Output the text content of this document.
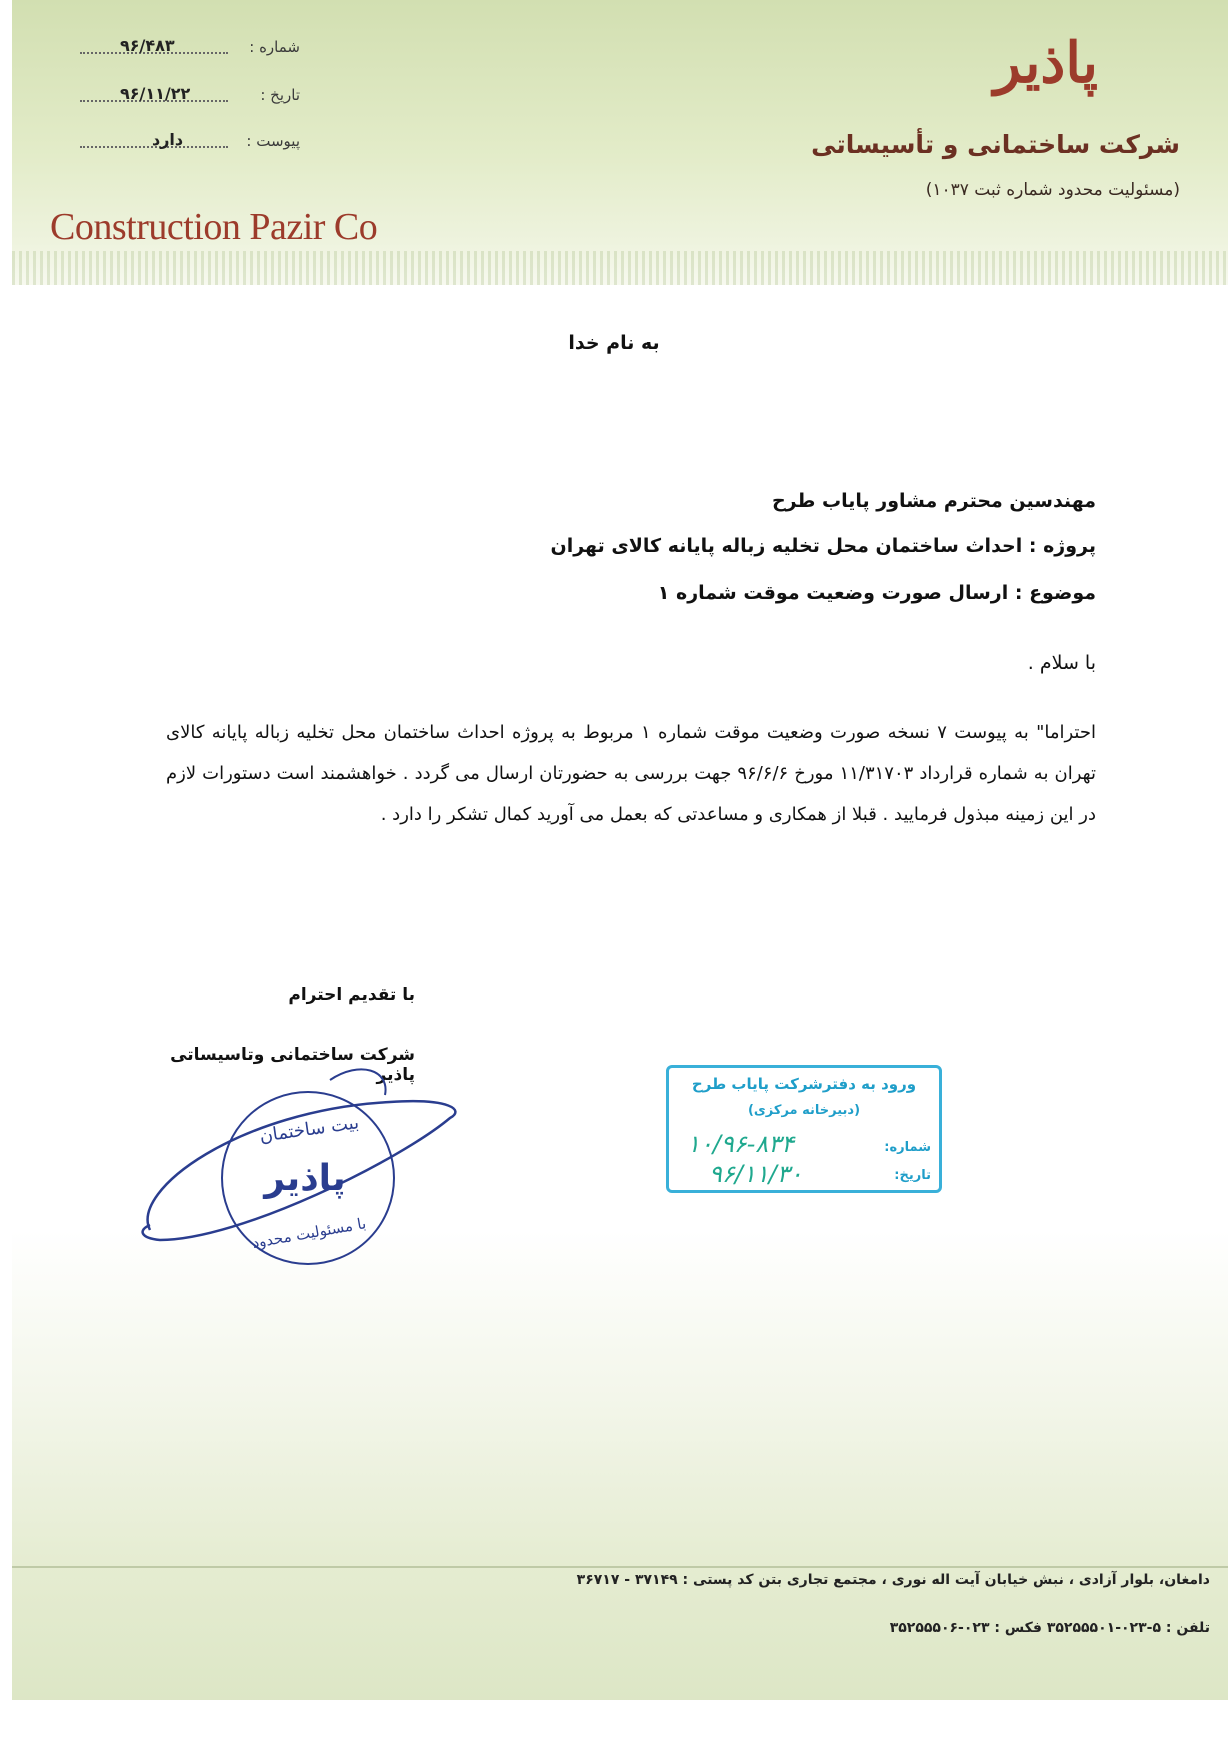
پاذیر
شرکت ساختمانی و تأسیساتی
(مسئولیت محدود شماره ثبت ۱۰۳۷)
شماره :
۹۶/۴۸۳
تاریخ :
۹۶/۱۱/۲۲
پیوست :
دارد
Construction Pazir Co
به نام خدا
مهندسین محترم مشاور پایاب طرح
پروژه : احداث ساختمان محل تخلیه زباله پایانه کالای تهران
موضوع : ارسال صورت وضعیت موقت شماره ۱
با سلام .
احتراما" به پیوست ۷ نسخه صورت وضعیت موقت شماره ۱ مربوط به پروژه احداث ساختمان محل تخلیه زباله پایانه کالای تهران به شماره قرارداد ۱۱/۳۱۷۰۳ مورخ ۹۶/۶/۶ جهت بررسی به حضورتان ارسال می گردد . خواهشمند است دستورات لازم در این زمینه مبذول فرمایید . قبلا از همکاری و مساعدتی که بعمل می آورید کمال تشکر را دارد .
با تقدیم احترام
شرکت ساختمانی وتاسیساتی پاذیر
بیت ساختمان
پاذیر
با مسئولیت محدود
ورود به دفترشرکت پایاب طرح
(دبیرخانه مرکزی)
شماره:
تاریخ:
۱۰/۹۶-۸۳۴
۹۶/۱۱/۳۰
دامغان، بلوار آزادی ، نبش خیابان آیت اله نوری ، مجتمع تجاری بتن کد پستی : ۳۷۱۴۹ - ۳۶۷۱۷
تلفن : ۵-۰۲۳-۳۵۲۵۵۵۰۱ فکس : ۰۲۳-۳۵۲۵۵۵۰۶
